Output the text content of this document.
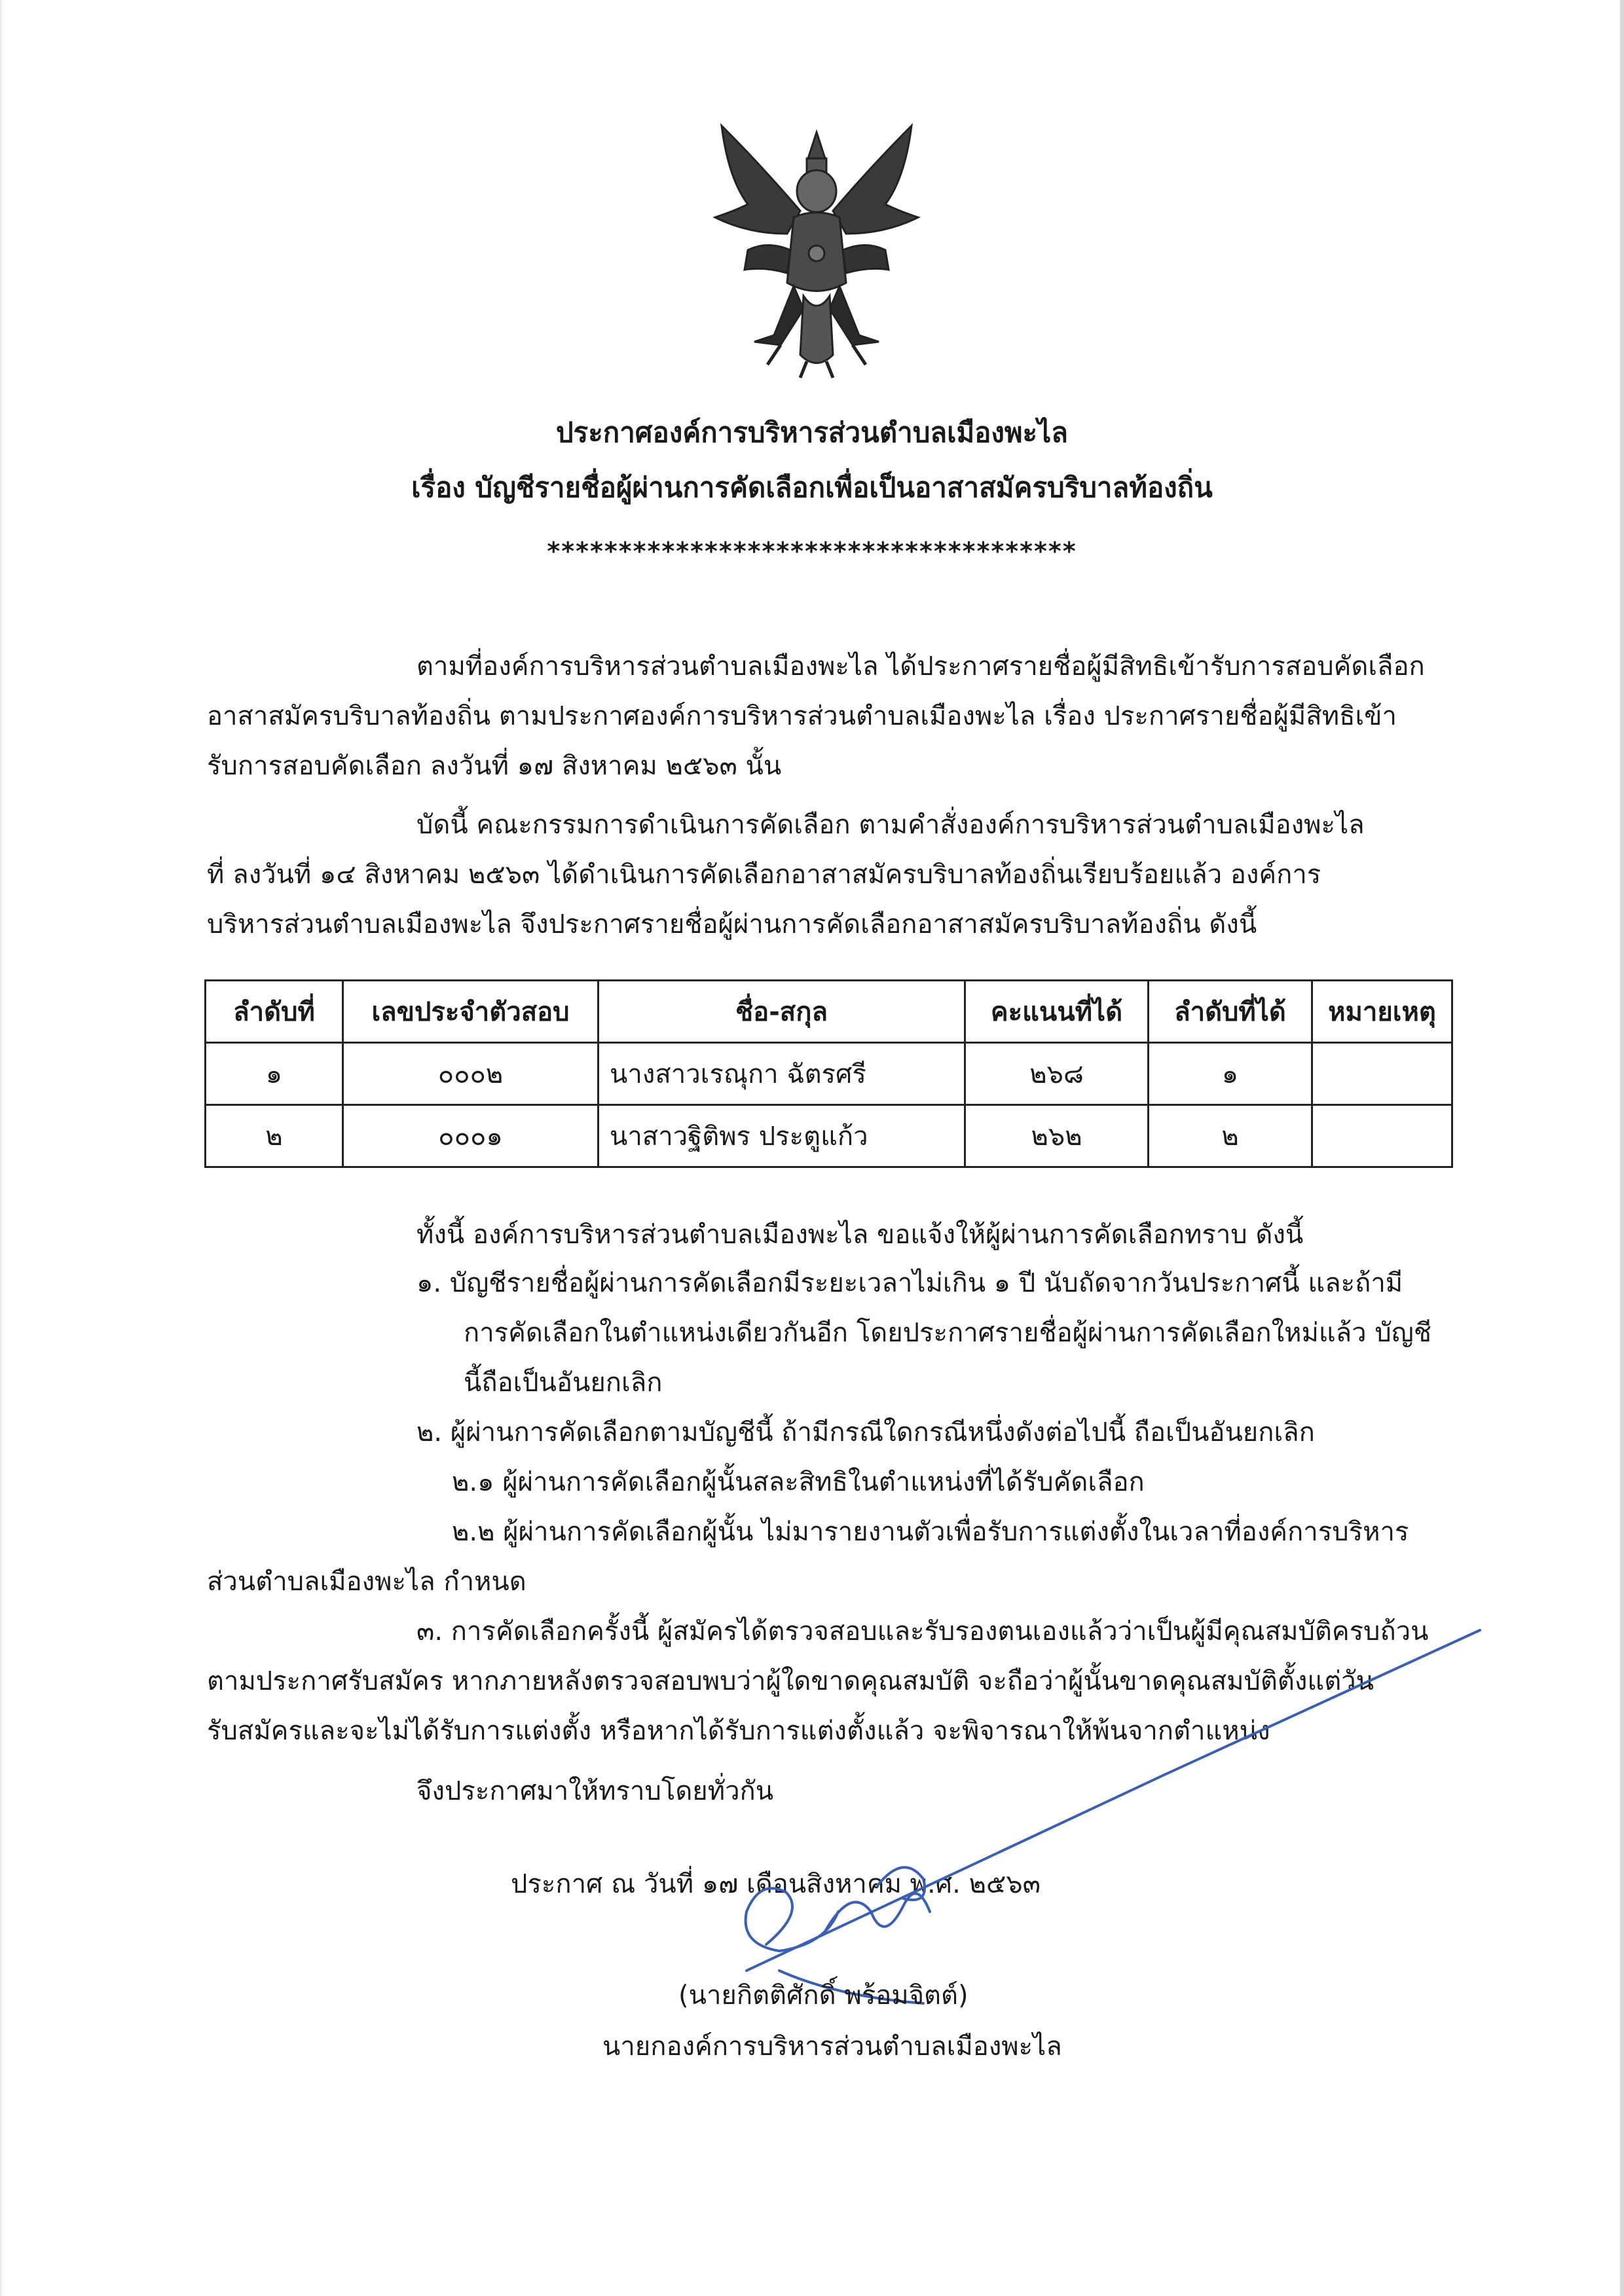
ประกาศองค์การบริหารส่วนตำบลเมืองพะไล
เรื่อง บัญชีรายชื่อผู้ผ่านการคัดเลือกเพื่อเป็นอาสาสมัครบริบาลท้องถิ่น
*************************************
ตามที่องค์การบริหารส่วนตำบลเมืองพะไล ได้ประกาศรายชื่อผู้มีสิทธิเข้ารับการสอบคัดเลือก
อาสาสมัครบริบาลท้องถิ่น ตามประกาศองค์การบริหารส่วนตำบลเมืองพะไล เรื่อง ประกาศรายชื่อผู้มีสิทธิเข้า
รับการสอบคัดเลือก ลงวันที่ ๑๗ สิงหาคม ๒๕๖๓ นั้น
บัดนี้ คณะกรรมการดำเนินการคัดเลือก ตามคำสั่งองค์การบริหารส่วนตำบลเมืองพะไล
ที่ ลงวันที่ ๑๔ สิงหาคม ๒๕๖๓ ได้ดำเนินการคัดเลือกอาสาสมัครบริบาลท้องถิ่นเรียบร้อยแล้ว องค์การ
บริหารส่วนตำบลเมืองพะไล จึงประกาศรายชื่อผู้ผ่านการคัดเลือกอาสาสมัครบริบาลท้องถิ่น ดังนี้
ลำดับที่	เลขประจำตัวสอบ	ชื่อ-สกุล	คะแนนที่ได้	ลำดับที่ได้	หมายเหตุ
๑	๐๐๐๒	นางสาวเรณุกา ฉัตรศรี	๒๖๘	๑	
๒	๐๐๐๑	นาสาวฐิติพร ประตูแก้ว	๒๖๒	๒	
ทั้งนี้ องค์การบริหารส่วนตำบลเมืองพะไล ขอแจ้งให้ผู้ผ่านการคัดเลือกทราบ ดังนี้
๑. บัญชีรายชื่อผู้ผ่านการคัดเลือกมีระยะเวลาไม่เกิน ๑ ปี นับถัดจากวันประกาศนี้ และถ้ามี
การคัดเลือกในตำแหน่งเดียวกันอีก โดยประกาศรายชื่อผู้ผ่านการคัดเลือกใหม่แล้ว บัญชี
นี้ถือเป็นอันยกเลิก
๒. ผู้ผ่านการคัดเลือกตามบัญชีนี้ ถ้ามีกรณีใดกรณีหนึ่งดังต่อไปนี้ ถือเป็นอันยกเลิก
๒.๑ ผู้ผ่านการคัดเลือกผู้นั้นสละสิทธิในตำแหน่งที่ได้รับคัดเลือก
๒.๒ ผู้ผ่านการคัดเลือกผู้นั้น ไม่มารายงานตัวเพื่อรับการแต่งตั้งในเวลาที่องค์การบริหาร
ส่วนตำบลเมืองพะไล กำหนด
๓. การคัดเลือกครั้งนี้ ผู้สมัครได้ตรวจสอบและรับรองตนเองแล้วว่าเป็นผู้มีคุณสมบัติครบถ้วน
ตามประกาศรับสมัคร หากภายหลังตรวจสอบพบว่าผู้ใดขาดคุณสมบัติ จะถือว่าผู้นั้นขาดคุณสมบัติตั้งแต่วัน
รับสมัครและจะไม่ได้รับการแต่งตั้ง หรือหากได้รับการแต่งตั้งแล้ว จะพิจารณาให้พ้นจากตำแหน่ง
จึงประกาศมาให้ทราบโดยทั่วกัน
ประกาศ ณ วันที่ ๑๗ เดือนสิงหาคม พ.ศ. ๒๕๖๓
(นายกิตติศักดิ์ พร้อมจิตต์)
นายกองค์การบริหารส่วนตำบลเมืองพะไล
